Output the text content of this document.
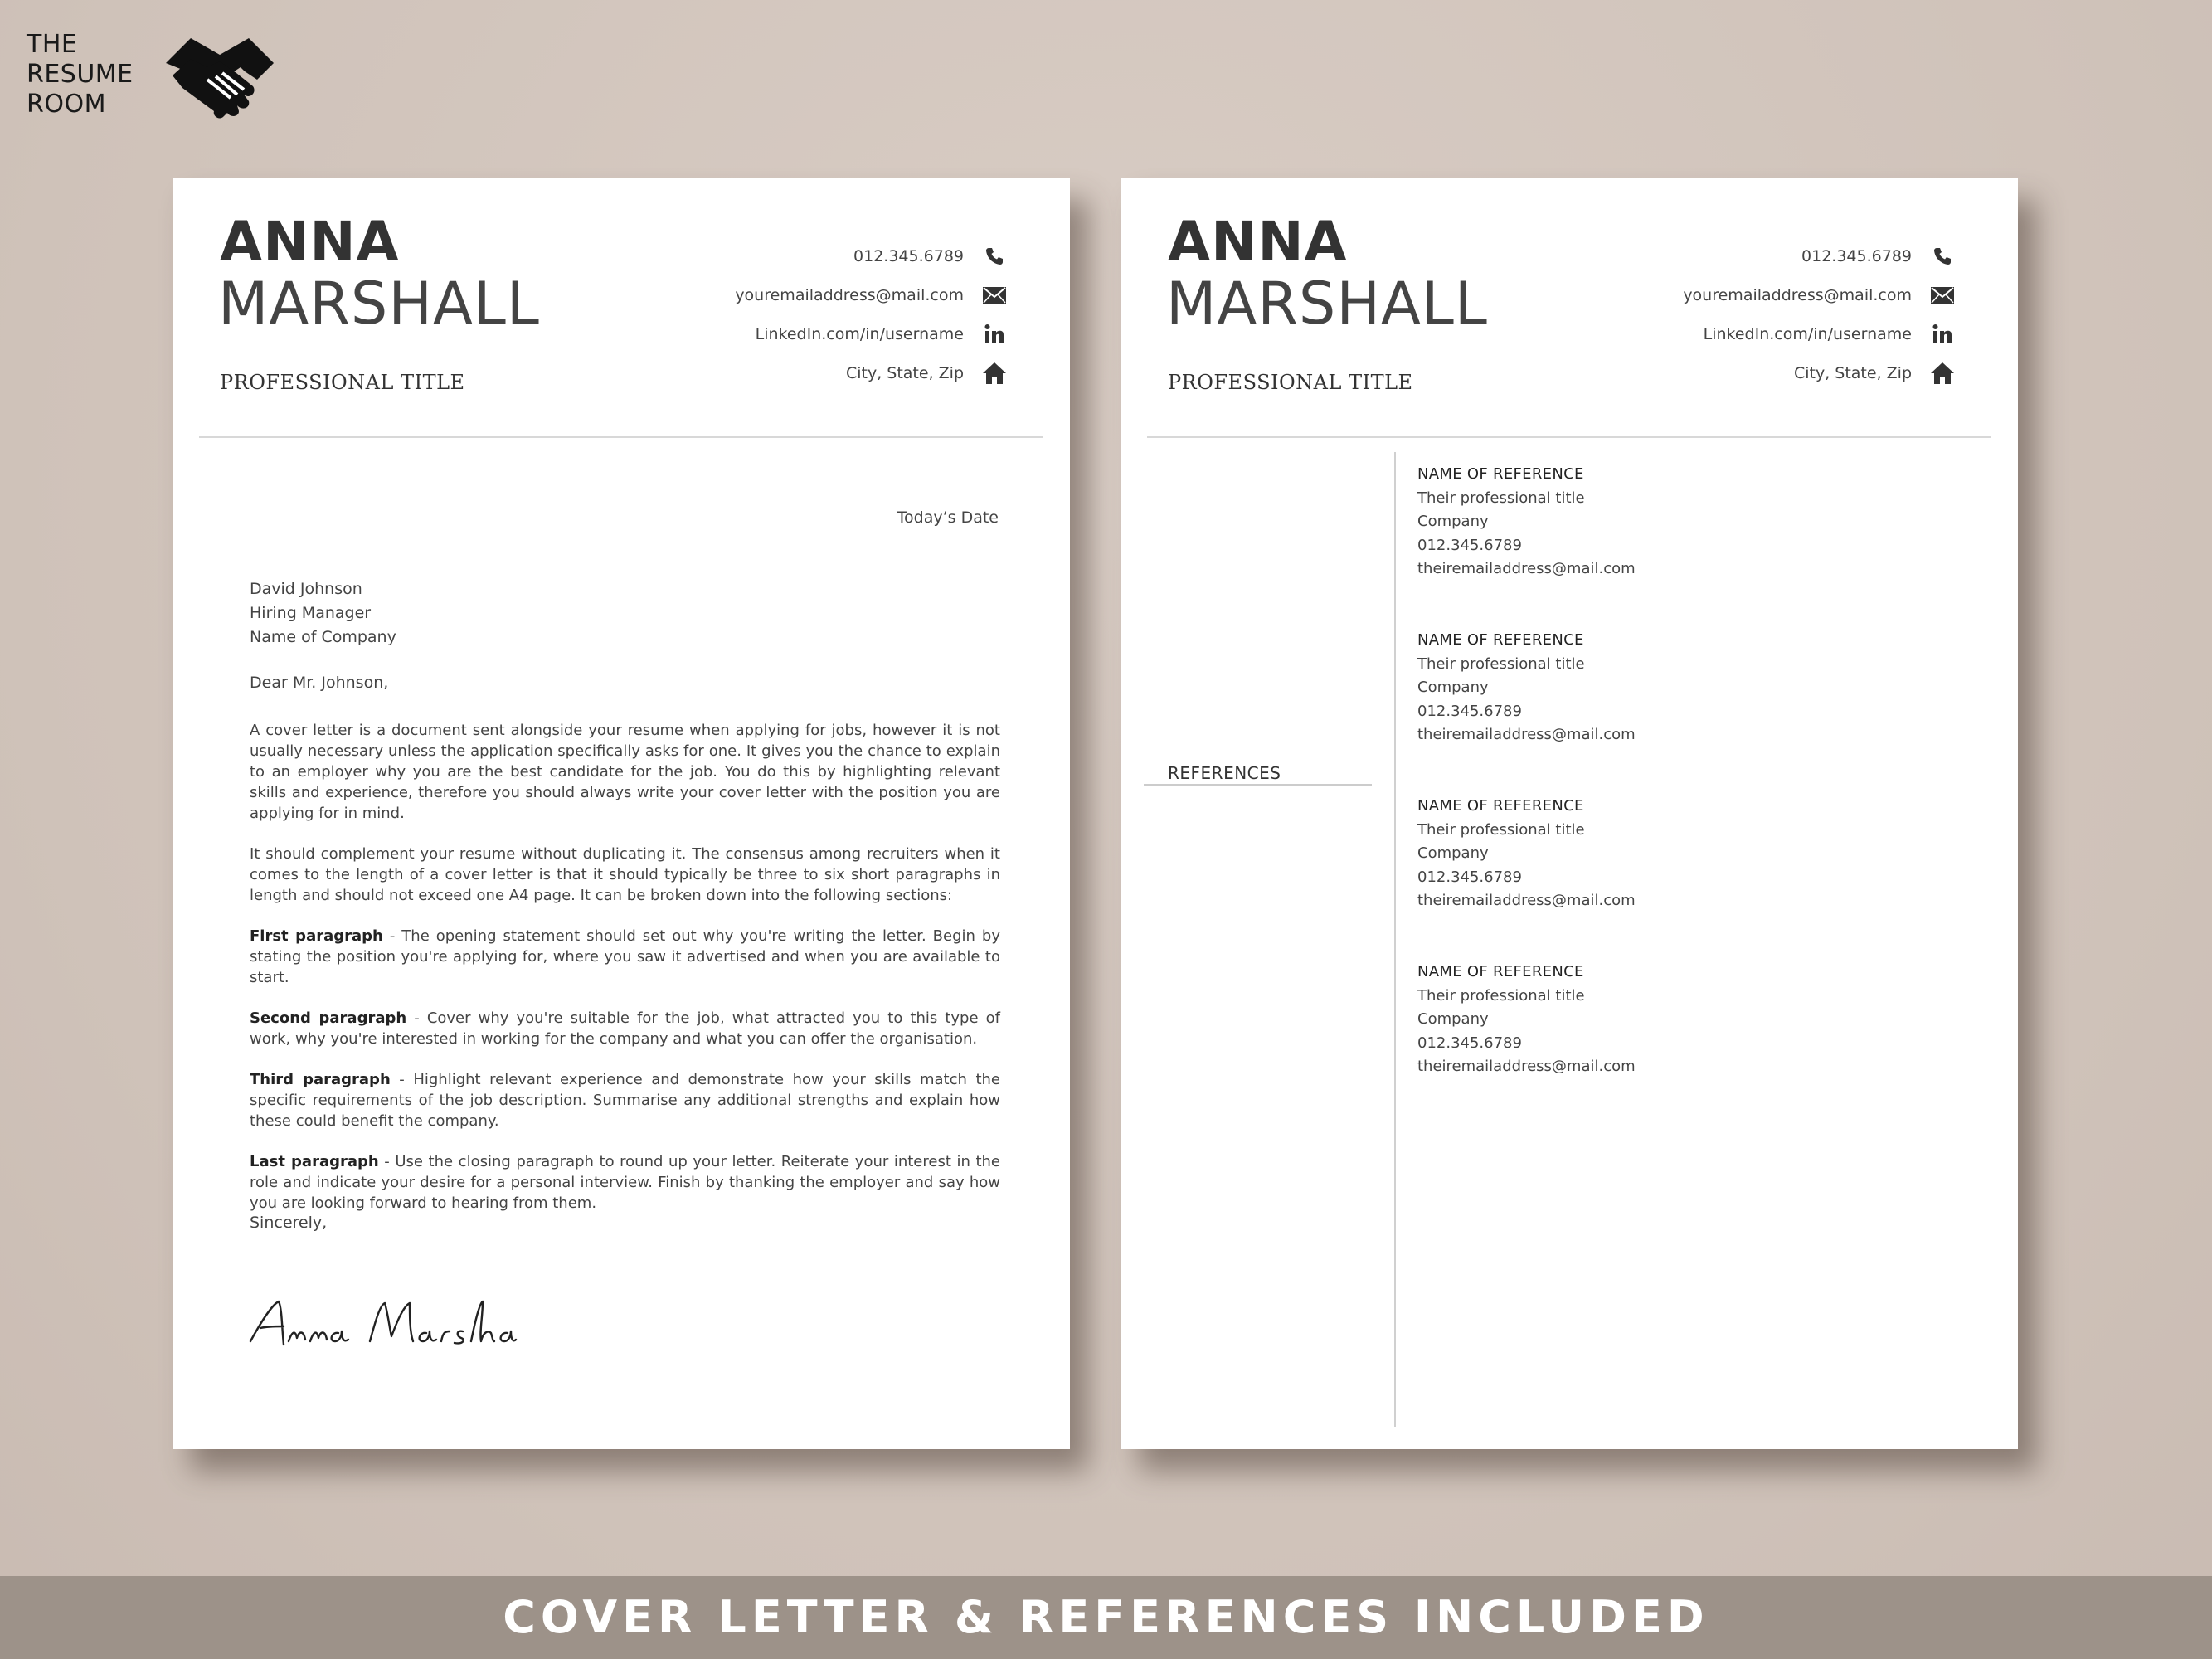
THE
RESUME
ROOM
ANNA
MARSHALL
PROFESSIONAL TITLE
012.345.6789
youremailaddress@mail.com
LinkedIn.com/in/username
City, State, Zip
Today’s Date
David Johnson
Hiring Manager
Name of Company
Dear Mr. Johnson,

A cover letter is a document sent alongside your resume when applying for jobs, however it is not usually necessary unless the application specifically asks for one. It gives you the chance to explain to an employer why you are the best candidate for the job. You do this by highlighting relevant skills and experience, therefore you should always write your cover letter with the position you are applying for in mind.

It should complement your resume without duplicating it. The consensus among recruiters when it comes to the length of a cover letter is that it should typically be three to six short paragraphs in length and should not exceed one A4 page. It can be broken down into the following sections:

First paragraph - The opening statement should set out why you're writing the letter. Begin by stating the position you're applying for, where you saw it advertised and when you are available to start.

Second paragraph - Cover why you're suitable for the job, what attracted you to this type of work, why you're interested in working for the company and what you can offer the organisation.

Third paragraph - Highlight relevant experience and demonstrate how your skills match the specific requirements of the job description. Summarise any additional strengths and explain how these could benefit the company.

Last paragraph - Use the closing paragraph to round up your letter. Reiterate your interest in the role and indicate your desire for a personal interview. Finish by thanking the employer and say how you are looking forward to hearing from them.

Sincerely,
ANNA
MARSHALL
PROFESSIONAL TITLE
012.345.6789
youremailaddress@mail.com
LinkedIn.com/in/username
City, State, Zip
REFERENCES
NAME OF REFERENCE
Their professional title
Company
012.345.6789
theiremailaddress@mail.com
NAME OF REFERENCE
Their professional title
Company
012.345.6789
theiremailaddress@mail.com
NAME OF REFERENCE
Their professional title
Company
012.345.6789
theiremailaddress@mail.com
NAME OF REFERENCE
Their professional title
Company
012.345.6789
theiremailaddress@mail.com
COVER LETTER & REFERENCES INCLUDED
